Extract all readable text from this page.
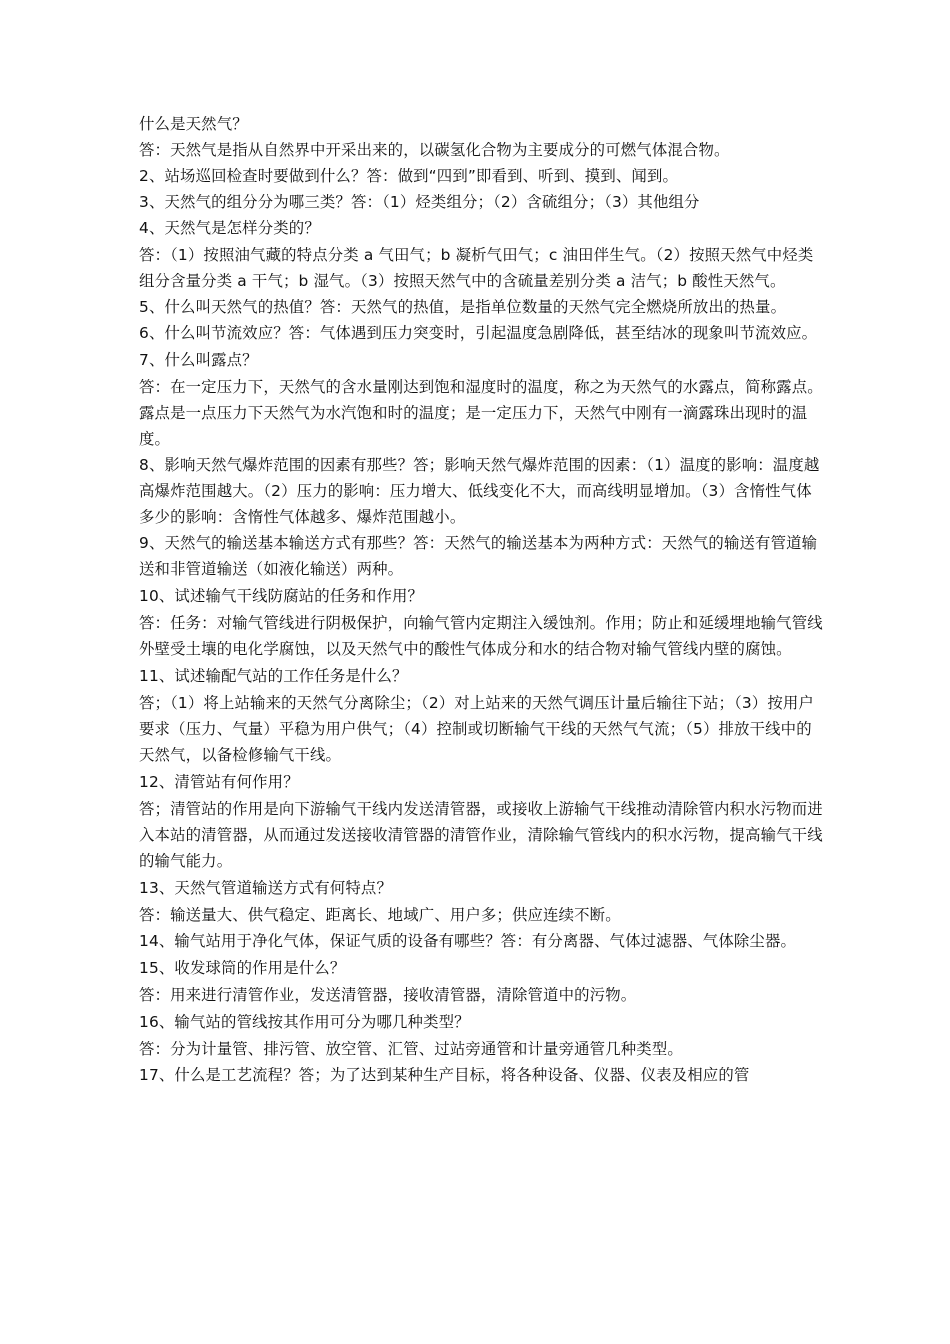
什么是天然气？

答：天然气是指从自然界中开采出来的，以碳氢化合物为主要成分的可燃气体混合物。

2、站场巡回检查时要做到什么？答：做到“四到”即看到、听到、摸到、闻到。

3、天然气的组分分为哪三类？答：（1）烃类组分；（2）含硫组分；（3）其他组分

4、天然气是怎样分类的？

答：（1）按照油气藏的特点分类 a 气田气；b 凝析气田气；c 油田伴生气。（2）按照天然气中烃类组分含量分类 a 干气；b 湿气。（3）按照天然气中的含硫量差别分类 a 洁气；b 酸性天然气。

5、什么叫天然气的热值？答：天然气的热值，是指单位数量的天然气完全燃烧所放出的热量。

6、什么叫节流效应？答：气体遇到压力突变时，引起温度急剧降低，甚至结冰的现象叫节流效应。

7、什么叫露点？

答：在一定压力下，天然气的含水量刚达到饱和湿度时的温度，称之为天然气的水露点，简称露点。露点是一点压力下天然气为水汽饱和时的温度；是一定压力下，天然气中刚有一滴露珠出现时的温度。

8、影响天然气爆炸范围的因素有那些？答；影响天然气爆炸范围的因素：（1）温度的影响：温度越高爆炸范围越大。（2）压力的影响：压力增大、低线变化不大，而高线明显增加。（3）含惰性气体多少的影响：含惰性气体越多、爆炸范围越小。

9、天然气的输送基本输送方式有那些？答：天然气的输送基本为两种方式：天然气的输送有管道输送和非管道输送（如液化输送）两种。

10、试述输气干线防腐站的任务和作用？

答：任务：对输气管线进行阴极保护，向输气管内定期注入缓蚀剂。作用；防止和延缓埋地输气管线外壁受土壤的电化学腐蚀，以及天然气中的酸性气体成分和水的结合物对输气管线内壁的腐蚀。

11、试述输配气站的工作任务是什么？

答；（1）将上站输来的天然气分离除尘；（2）对上站来的天然气调压计量后输往下站；（3）按用户要求（压力、气量）平稳为用户供气；（4）控制或切断输气干线的天然气气流；（5）排放干线中的天然气，以备检修输气干线。

12、清管站有何作用？

答；清管站的作用是向下游输气干线内发送清管器，或接收上游输气干线推动清除管内积水污物而进入本站的清管器，从而通过发送接收清管器的清管作业，清除输气管线内的积水污物，提高输气干线的输气能力。

13、天然气管道输送方式有何特点？

答：输送量大、供气稳定、距离长、地域广、用户多；供应连续不断。

14、输气站用于净化气体，保证气质的设备有哪些？答：有分离器、气体过滤器、气体除尘器。

15、收发球筒的作用是什么？

答：用来进行清管作业，发送清管器，接收清管器，清除管道中的污物。

16、输气站的管线按其作用可分为哪几种类型？

答：分为计量管、排污管、放空管、汇管、过站旁通管和计量旁通管几种类型。

17、什么是工艺流程？答；为了达到某种生产目标，将各种设备、仪器、仪表及相应的管
